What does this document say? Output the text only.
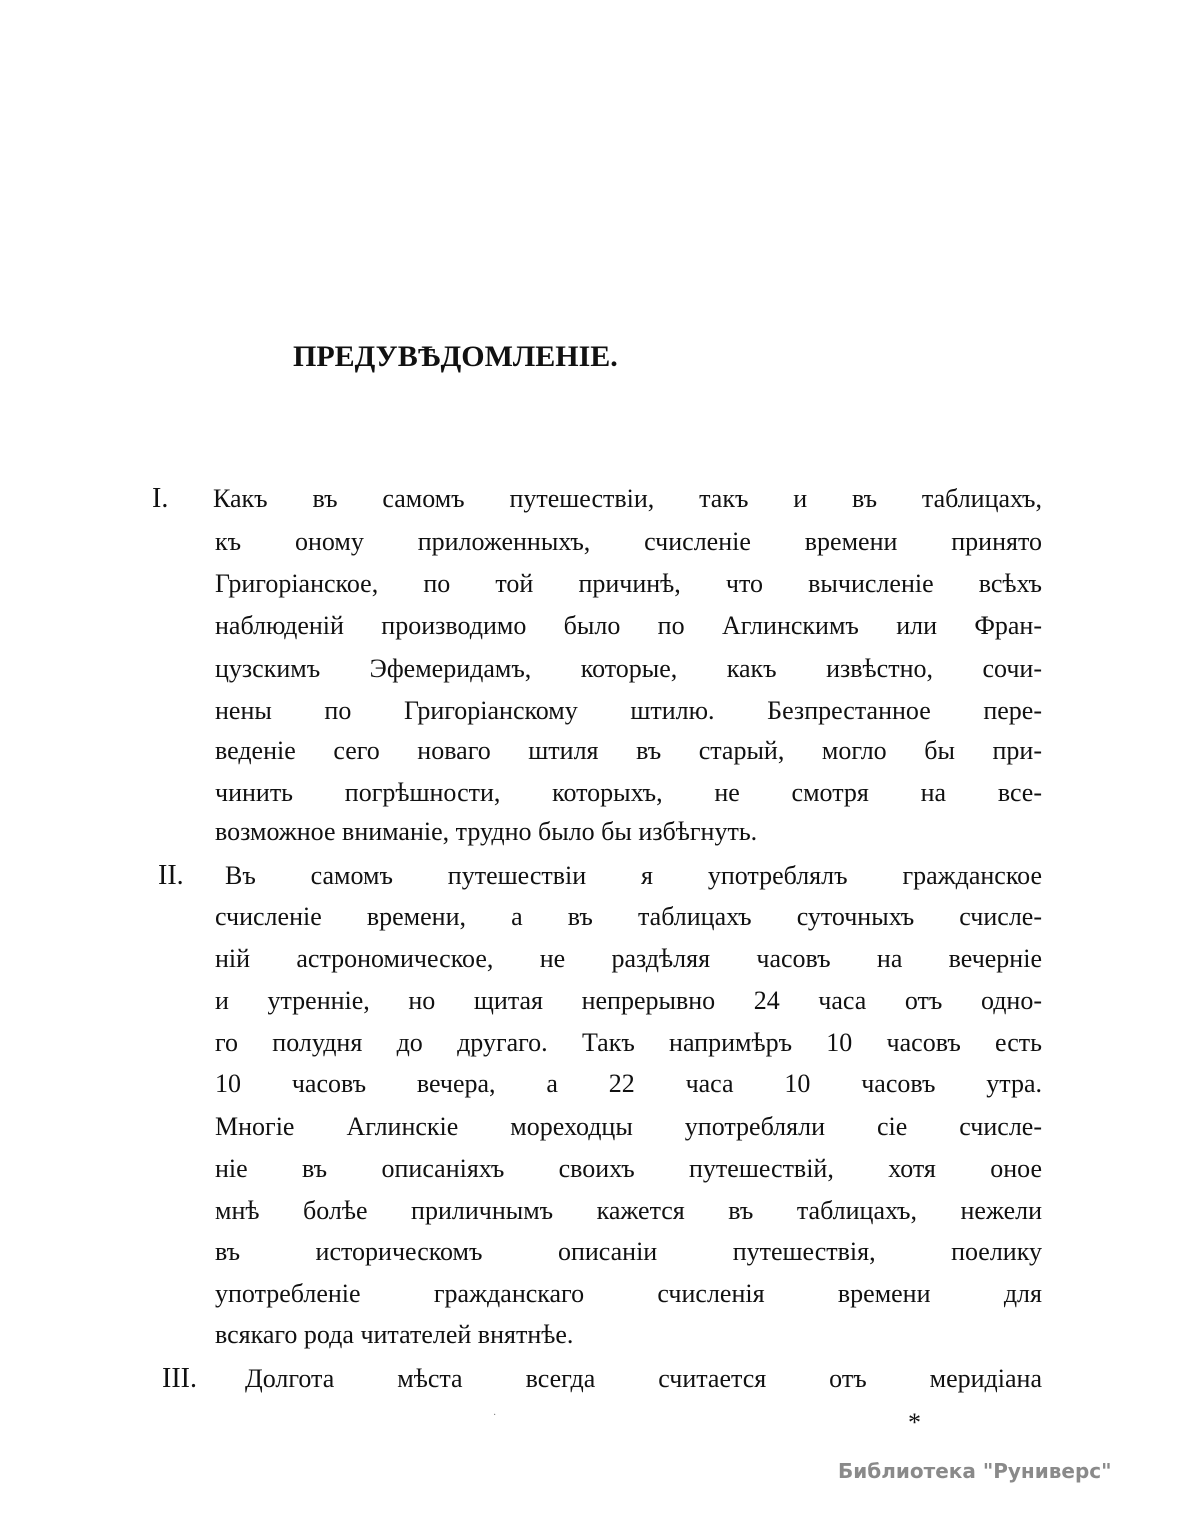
ПРЕДУВѢДОМЛЕНІЕ.
I. Какъ въ самомъ путешествіи, такъ и въ таблицахъ,
къ оному приложенныхъ, счисленіе времени принято
Григоріанское, по той причинѣ, что вычисленіе всѣхъ
наблюденій производимо было по Аглинскимъ или Фран-
цузскимъ Эфемеридамъ, которые, какъ извѣстно, сочи-
нены по Григоріанскому штилю. Безпрестанное пере-
веденіе сего новаго штиля въ старый, могло бы при-
чинить погрѣшности, которыхъ, не смотря на все-
возможное вниманіе, трудно было бы избѣгнуть.
II. Въ самомъ путешествіи я употреблялъ гражданское
счисленіе времени, а въ таблицахъ суточныхъ счисле-
ній астрономическое, не раздѣляя часовъ на вечерніе
и утренніе, но щитая непрерывно 24 часа отъ одно-
го полудня до другаго. Такъ напримѣръ 10 часовъ есть
10 часовъ вечера, а 22 часа 10 часовъ утра.
Многіе Аглинскіе мореходцы употребляли сіе счисле-
ніе въ описаніяхъ своихъ путешествій, хотя оное
мнѣ болѣе приличнымъ кажется въ таблицахъ, нежели
въ историческомъ описаніи путешествія, поелику
употребленіе гражданскаго счисленія времени для
всякаго рода читателей внятнѣе.
III. Долгота мѣста всегда считается отъ меридіана
·	*
Библиотека "Руниверс"
